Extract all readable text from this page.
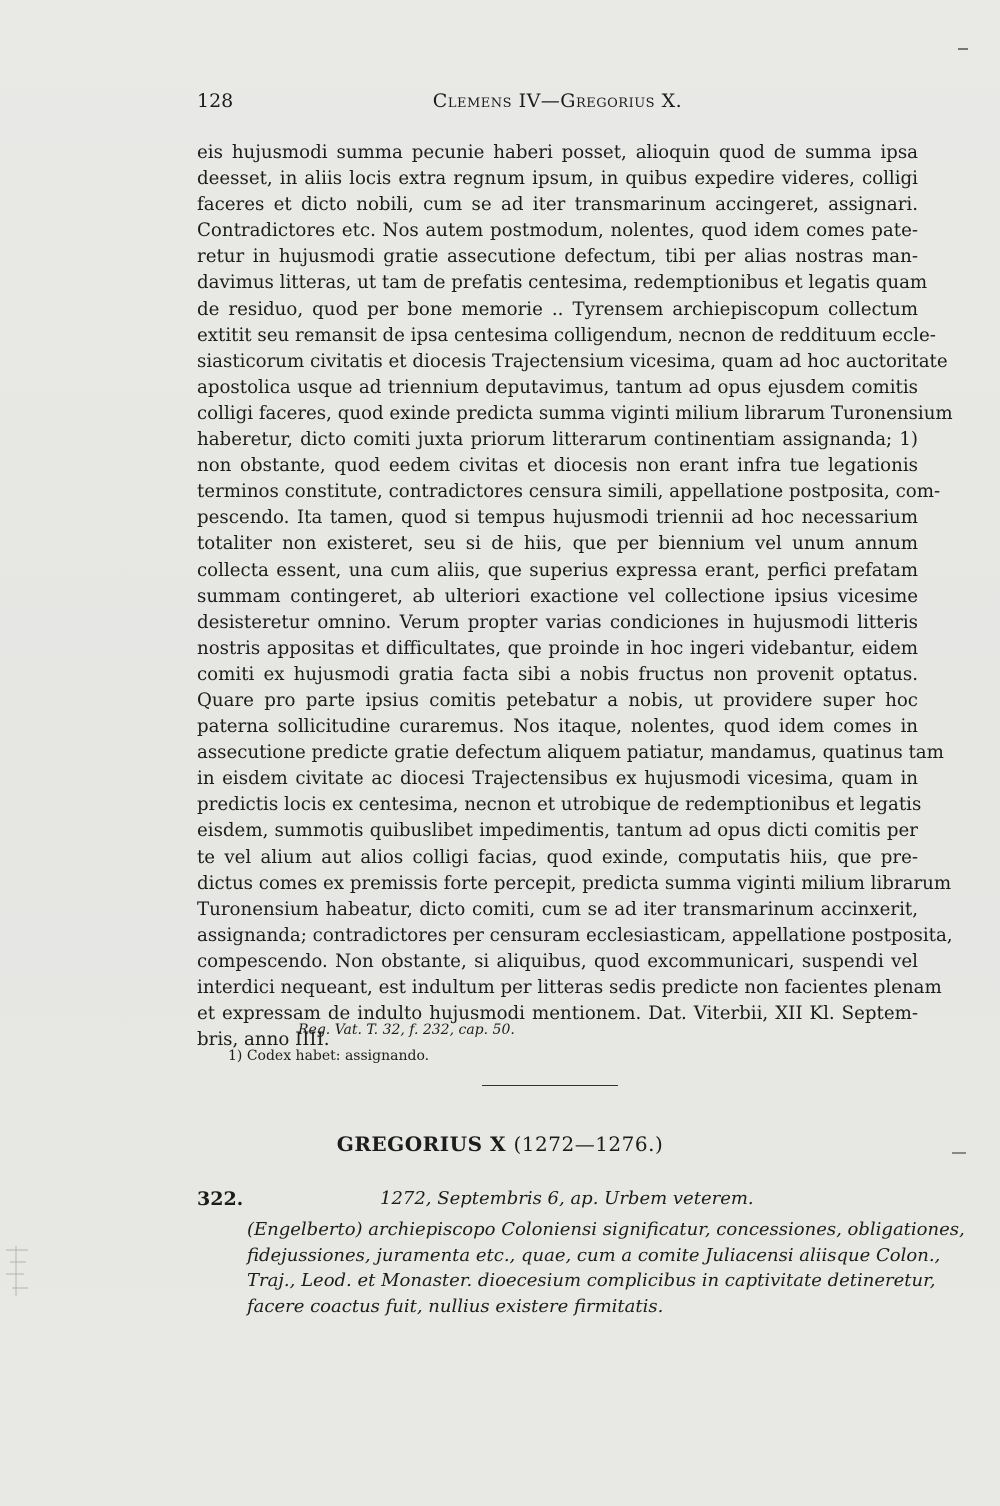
128	Clemens IV—Gregorius X.
eis hujusmodi summa pecunie haberi posset, alioquin quod de summa ipsa
deesset, in aliis locis extra regnum ipsum, in quibus expedire videres, colligi
faceres et dicto nobili, cum se ad iter transmarinum accingeret, assignari.
Contradictores etc. Nos autem postmodum, nolentes, quod idem comes pate-
retur in hujusmodi gratie assecutione defectum, tibi per alias nostras man-
davimus litteras, ut tam de prefatis centesima, redemptionibus et legatis quam
de residuo, quod per bone memorie .. Tyrensem archiepiscopum collectum
extitit seu remansit de ipsa centesima colligendum, necnon de reddituum eccle-
siasticorum civitatis et diocesis Trajectensium vicesima, quam ad hoc auctoritate
apostolica usque ad triennium deputavimus, tantum ad opus ejusdem comitis
colligi faceres, quod exinde predicta summa viginti milium librarum Turonensium
haberetur, dicto comiti juxta priorum litterarum continentiam assignanda; 1)
non obstante, quod eedem civitas et diocesis non erant infra tue legationis
terminos constitute, contradictores censura simili, appellatione postposita, com-
pescendo. Ita tamen, quod si tempus hujusmodi triennii ad hoc necessarium
totaliter non existeret, seu si de hiis, que per biennium vel unum annum
collecta essent, una cum aliis, que superius expressa erant, perfici prefatam
summam contingeret, ab ulteriori exactione vel collectione ipsius vicesime
desisteretur omnino. Verum propter varias condiciones in hujusmodi litteris
nostris appositas et difficultates, que proinde in hoc ingeri videbantur, eidem
comiti ex hujusmodi gratia facta sibi a nobis fructus non provenit optatus.
Quare pro parte ipsius comitis petebatur a nobis, ut providere super hoc
paterna sollicitudine curaremus. Nos itaque, nolentes, quod idem comes in
assecutione predicte gratie defectum aliquem patiatur, mandamus, quatinus tam
in eisdem civitate ac diocesi Trajectensibus ex hujusmodi vicesima, quam in
predictis locis ex centesima, necnon et utrobique de redemptionibus et legatis
eisdem, summotis quibuslibet impedimentis, tantum ad opus dicti comitis per
te vel alium aut alios colligi facias, quod exinde, computatis hiis, que pre-
dictus comes ex premissis forte percepit, predicta summa viginti milium librarum
Turonensium habeatur, dicto comiti, cum se ad iter transmarinum accinxerit,
assignanda; contradictores per censuram ecclesiasticam, appellatione postposita,
compescendo. Non obstante, si aliquibus, quod excommunicari, suspendi vel
interdici nequeant, est indultum per litteras sedis predicte non facientes plenam
et expressam de indulto hujusmodi mentionem. Dat. Viterbii, XII Kl. Septem-
bris, anno IIII.
Reg. Vat. T. 32, f. 232, cap. 50.
1) Codex habet: assignando.
GREGORIUS X (1272—1276.)
322.	1272, Septembris 6, ap. Urbem veterem.
(Engelberto) archiepiscopo Coloniensi significatur, concessiones, obligationes,
fidejussiones, juramenta etc., quae, cum a comite Juliacensi aliisque Colon.,
Traj., Leod. et Monaster. dioecesium complicibus in captivitate detineretur,
facere coactus fuit, nullius existere firmitatis.
